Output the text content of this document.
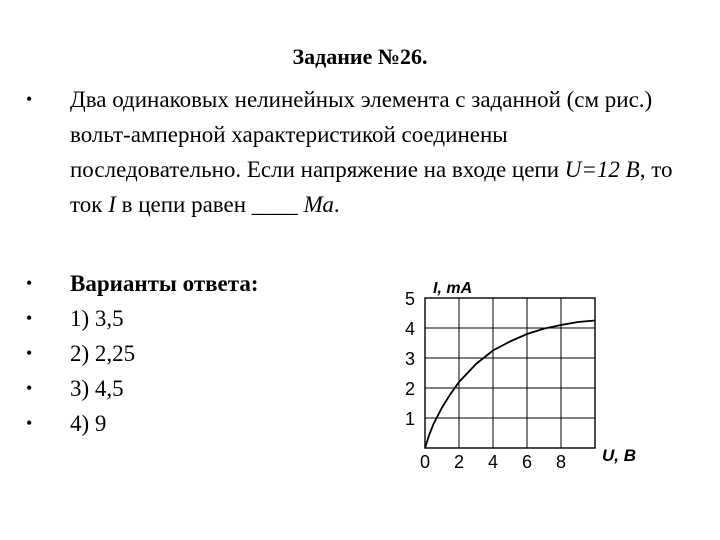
Задание №26.
•	Два одинаковых нелинейных элемента с заданной (см рис.) вольт-амперной характеристикой соединены последовательно. Если напряжение на входе цепи U=12 В, то ток I в цепи равен ____ Ма.
•	Варианты ответа:
•	1) 3,5
•	2) 2,25
•	3) 4,5
•	4) 9
0 2 4 6 8
1
2
3
4
5
I, mA
U, В
